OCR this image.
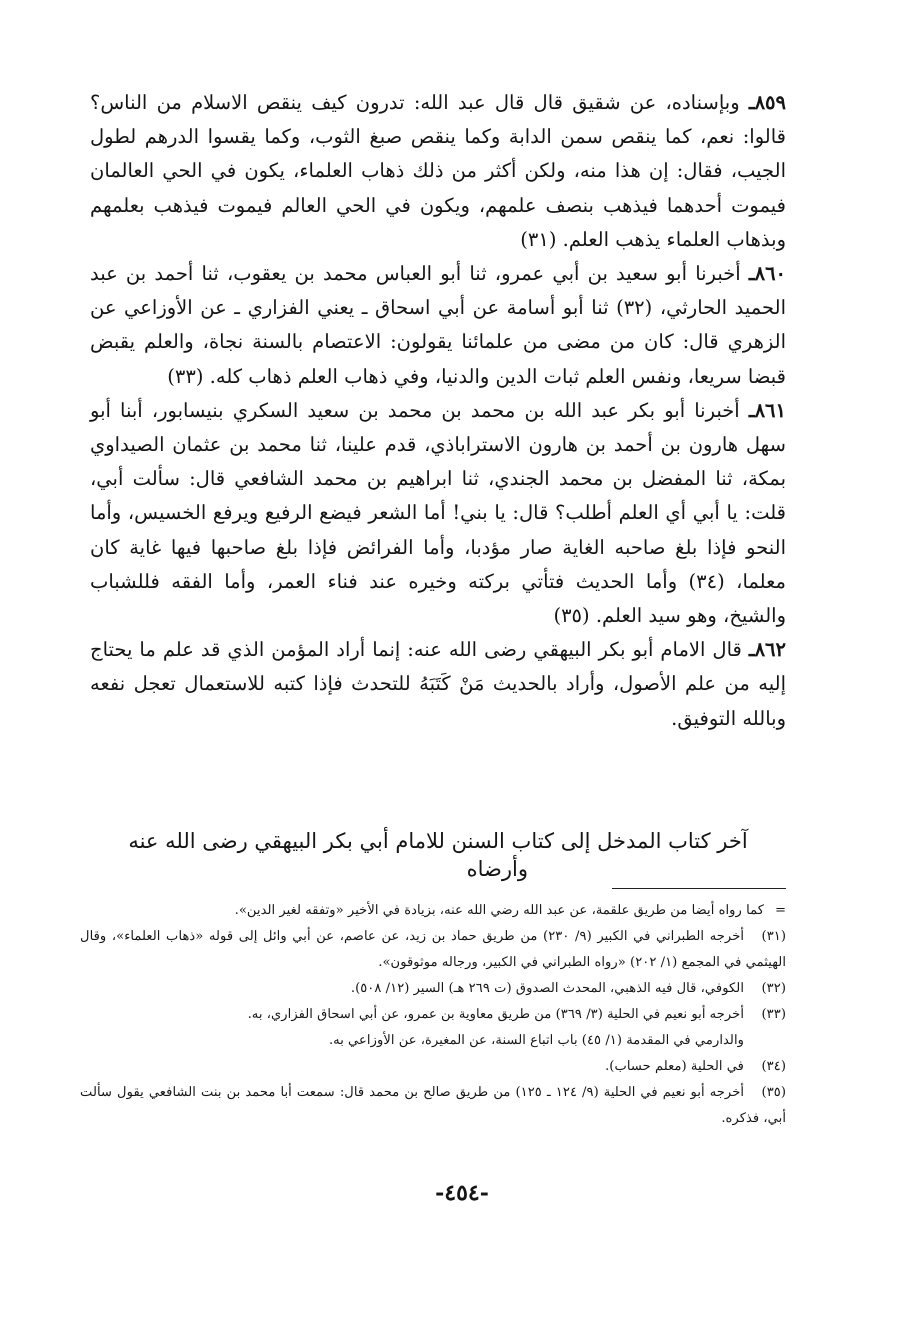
٨٥٩ـ وبإسناده، عن شقيق قال قال عبد الله: تدرون كيف ينقص الاسلام من الناس؟ قالوا: نعم، كما ينقص سمن الدابة وكما ينقص صبغ الثوب، وكما يقسوا الدرهم لطول الجيب، فقال: إن هذا منه، ولكن أكثر من ذلك ذهاب العلماء، يكون في الحي العالمان فيموت أحدهما فيذهب بنصف علمهم، ويكون في الحي العالم فيموت فيذهب بعلمهم وبذهاب العلماء يذهب العلم. (٣١)

٨٦٠ـ أخبرنا أبو سعيد بن أبي عمرو، ثنا أبو العباس محمد بن يعقوب، ثنا أحمد بن عبد الحميد الحارثي، (٣٢) ثنا أبو أسامة عن أبي اسحاق ـ يعني الفزاري ـ عن الأوزاعي عن الزهري قال: كان من مضى من علمائنا يقولون: الاعتصام بالسنة نجاة، والعلم يقبض قبضا سريعا، ونفس العلم ثبات الدين والدنيا، وفي ذهاب العلم ذهاب كله. (٣٣)

٨٦١ـ أخبرنا أبو بكر عبد الله بن محمد بن محمد بن سعيد السكري بنيسابور، أبنا أبو سهل هارون بن أحمد بن هارون الاستراباذي، قدم علينا، ثنا محمد بن عثمان الصيداوي بمكة، ثنا المفضل بن محمد الجندي، ثنا ابراهيم بن محمد الشافعي قال: سألت أبي، قلت: يا أبي أي العلم أطلب؟ قال: يا بني! أما الشعر فيضع الرفيع ويرفع الخسيس، وأما النحو فإذا بلغ صاحبه الغاية صار مؤدبا، وأما الفرائض فإذا بلغ صاحبها فيها غاية كان معلما، (٣٤) وأما الحديث فتأتي بركته وخيره عند فناء العمر، وأما الفقه فللشباب والشيخ، وهو سيد العلم. (٣٥)

٨٦٢ـ قال الامام أبو بكر البيهقي رضى الله عنه: إنما أراد المؤمن الذي قد علم ما يحتاج إليه من علم الأصول، وأراد بالحديث مَنْ كَتَبَهُ للتحدث فإذا كتبه للاستعمال تعجل نفعه وبالله التوفيق.

آخر كتاب المدخل إلى كتاب السنن للامام أبي بكر البيهقي رضى الله عنه
وأرضاه

=كما رواه أيضا من طريق علقمة، عن عبد الله رضي الله عنه، بزيادة في الأخير «وتفقه لغير الدين».

(٣١)أخرجه الطبراني في الكبير (٩/ ٢٣٠) من طريق حماد بن زيد، عن عاصم، عن أبي وائل إلى قوله «ذهاب العلماء»، وقال الهيثمي في المجمع (١/ ٢٠٢) «رواه الطبراني في الكبير، ورجاله موثوقون».

(٣٢)الكوفي، قال فيه الذهبي، المحدث الصدوق (ت ٢٦٩ هـ) السير (١٢/ ٥٠٨).

(٣٣)أخرجه أبو نعيم في الحلية (٣/ ٣٦٩) من طريق معاوية بن عمرو، عن أبي اسحاق الفزاري، به.
والدارمي في المقدمة (١/ ٤٥) باب اتباع السنة، عن المغيرة، عن الأوزاعي به.

(٣٤)في الحلية (معلم حساب).

(٣٥)أخرجه أبو نعيم في الحلية (٩/ ١٢٤ ـ ١٢٥) من طريق صالح بن محمد قال: سمعت أبا محمد بن بنت الشافعي يقول سألت أبي، فذكره.

-٤٥٤-
